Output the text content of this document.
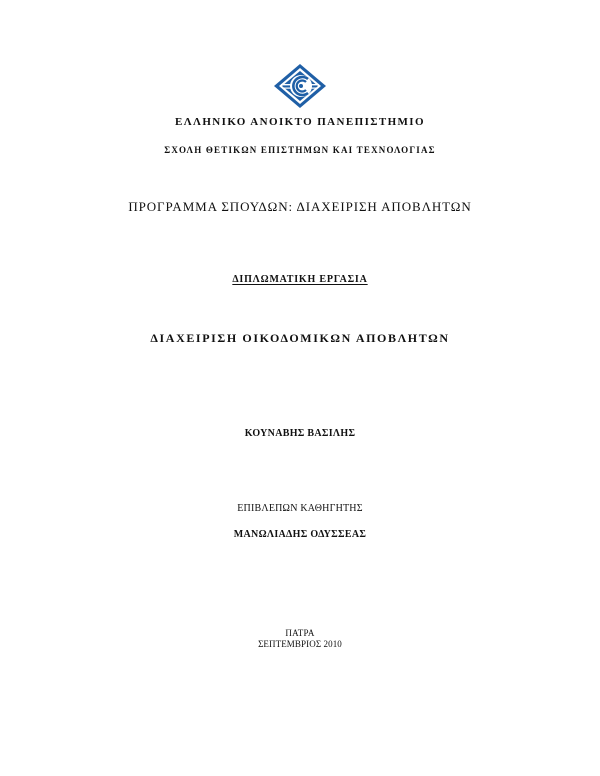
ΕΛΛΗΝΙΚΟ ΑΝΟΙΚΤΟ ΠΑΝΕΠΙΣΤΗΜΙΟ
ΣΧΟΛΗ ΘΕΤΙΚΩΝ ΕΠΙΣΤΗΜΩΝ ΚΑΙ ΤΕΧΝΟΛΟΓΙΑΣ
ΠΡΟΓΡΑΜΜΑ ΣΠΟΥΔΩΝ: ΔΙΑΧΕΙΡΙΣΗ ΑΠΟΒΛΗΤΩΝ
ΔΙΠΛΩΜΑΤΙΚΗ ΕΡΓΑΣΙΑ
ΔΙΑΧΕΙΡΙΣΗ ΟΙΚΟΔΟΜΙΚΩΝ ΑΠΟΒΛΗΤΩΝ
ΚΟΥΝΑΒΗΣ ΒΑΣΙΛΗΣ
ΕΠΙΒΛΕΠΩΝ ΚΑΘΗΓΗΤΗΣ
ΜΑΝΩΛΙΑΔΗΣ ΟΔΥΣΣΕΑΣ
ΠΑΤΡΑ
ΣΕΠΤΕΜΒΡΙΟΣ 2010
